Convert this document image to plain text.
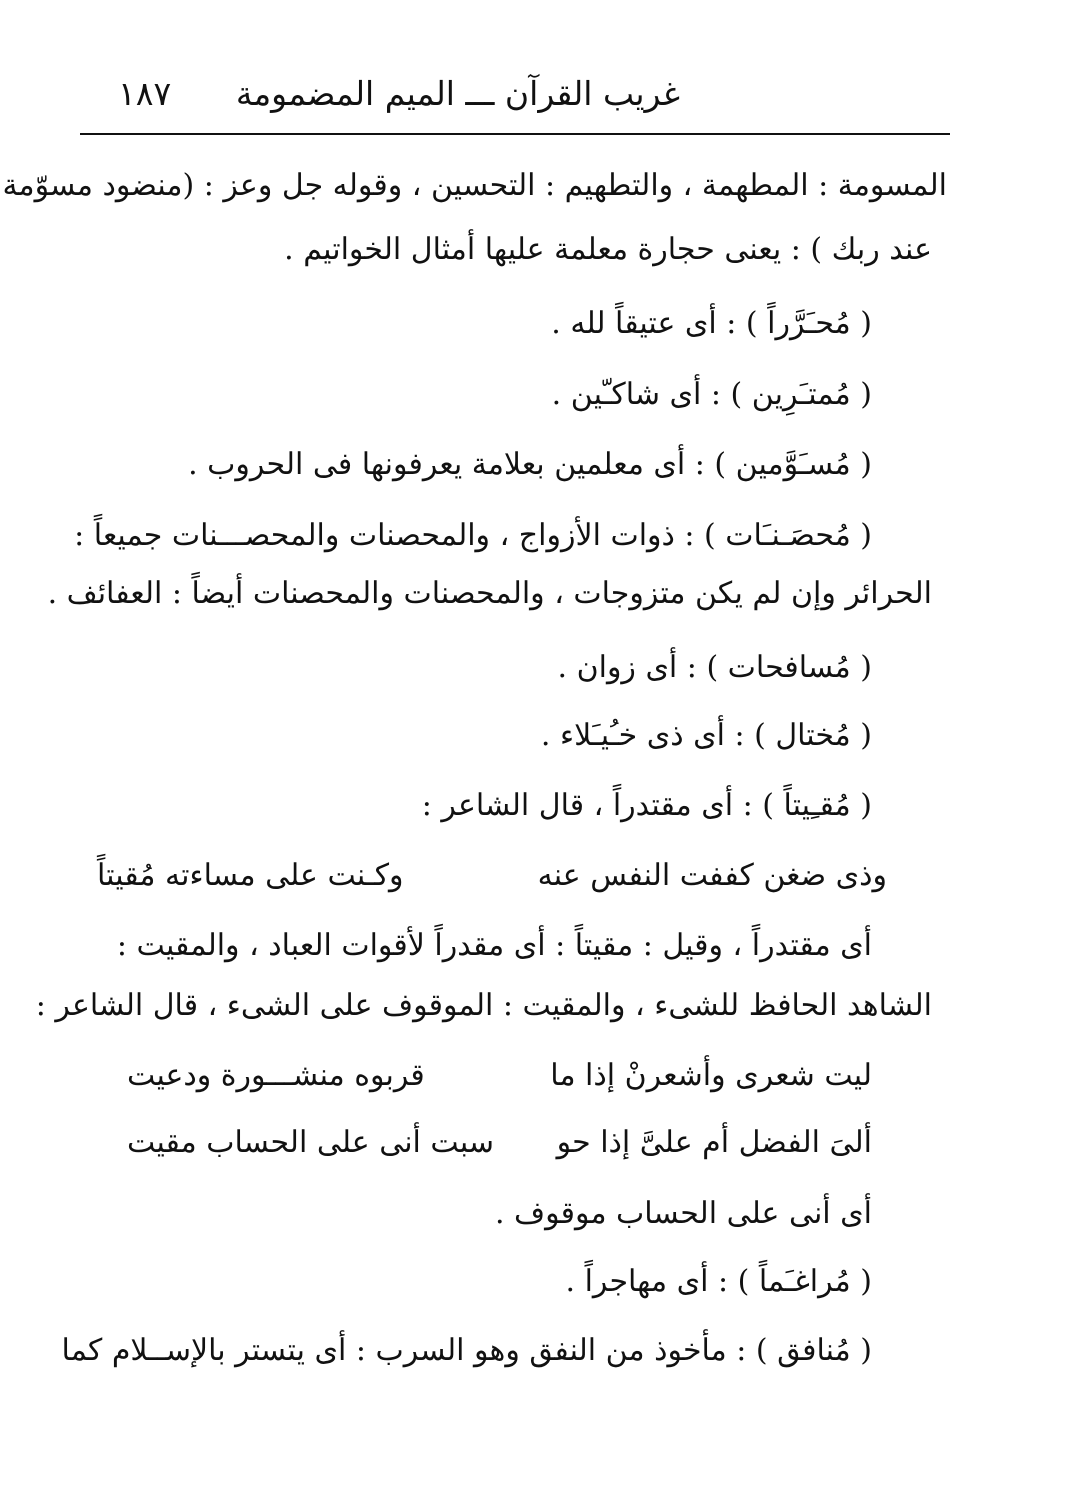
غريب القرآن ـــ الميم المضمومة
١٨٧
المسومة : المطهمة ، والتطهيم : التحسين ، وقوله جل وعز : (منضود مسوّمة
عند ربك ) : يعنى حجارة معلمة عليها أمثال الخواتيم .
( مُحـَرَّراً ) : أى عتيقاً لله .
( مُمتـَرِين ) : أى شاكـّين .
( مُسـَوَّمين ) : أى معلمين بعلامة يعرفونها فى الحروب .
( مُحصَـنـَات ) : ذوات الأزواج ، والمحصنات والمحصـــنات جميعاً :
الحرائر وإن لم يكن متزوجات ، والمحصنات والمحصنات أيضاً : العفائف .
( مُسافحات ) : أى زوان .
( مُختال ) : أى ذى خـُيـَلاء .
( مُقـِيتاً ) : أى مقتدراً ، قال الشاعر :
وذى ضغن كففت النفس عنه
وكـنت على مساءته مُقيتاً
أى مقتدراً ، وقيل : مقيتاً : أى مقدراً لأقوات العباد ، والمقيت :
الشاهد الحافظ للشىء ، والمقيت : الموقوف على الشىء ، قال الشاعر :
ليت شعرى وأشعرنْ إذا ما
قربوه منشـــورة ودعيت
ألىَ الفضل أم علىَّ إذا حو
سبت أنى على الحساب مقيت
أى أنى على الحساب موقوف .
( مُراغـَماً ) : أى مهاجراً .
( مُنافق ) : مأخوذ من النفق وهو السرب : أى يتستر بالإســلام كما
